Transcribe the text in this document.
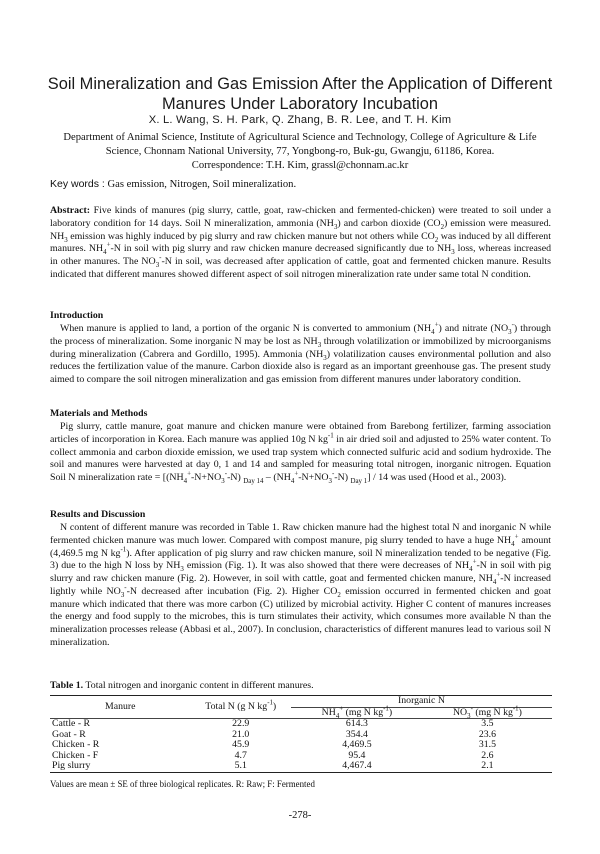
Soil Mineralization and Gas Emission After the Application of Different
Manures Under Laboratory Incubation
X. L. Wang, S. H. Park, Q. Zhang, B. R. Lee, and T. H. Kim
Department of Animal Science, Institute of Agricultural Science and Technology, College of Agriculture & Life Science, Chonnam National University, 77, Yongbong-ro, Buk-gu, Gwangju, 61186, Korea.
Correspondence: T.H. Kim, grassl@chonnam.ac.kr
Key words : Gas emission, Nitrogen, Soil mineralization.
Abstract: Five kinds of manures (pig slurry, cattle, goat, raw-chicken and fermented-chicken) were treated to soil under a laboratory condition for 14 days. Soil N mineralization, ammonia $(NH_3)$ and carbon dioxide $(CO_2)$ emission were measured. $NH_3$ emission was highly induced by pig slurry and raw chicken manure but not others while $CO_2$ was induced by all different manures. $NH_4^+-N$ in soil with pig slurry and raw chicken manure decreased significantly due to $NH_3$ loss, whereas increased in other manures. The $NO_3^--N$ in soil, was decreased after application of cattle, goat and fermented chicken manure. Results indicated that different manures showed different aspect of soil nitrogen mineralization rate under same total N condition.
Introduction
When manure is applied to land, a portion of the organic N is converted to ammonium $(NH_4^+)$ and nitrate $(NO_3^-)$ through the process of mineralization. Some inorganic N may be lost as $NH_3$ through volatilization or immobilized by microorganisms during mineralization (Cabrera and Gordillo, 1995). Ammonia $(NH_3)$ volatilization causes environmental pollution and also reduces the fertilization value of the manure. Carbon dioxide also is regard as an important greenhouse gas. The present study aimed to compare the soil nitrogen mineralization and gas emission from different manures under laboratory condition.
Materials and Methods
Pig slurry, cattle manure, goat manure and chicken manure were obtained from Barebong fertilizer, farming association articles of incorporation in Korea. Each manure was applied 10g N $kg^{-1}$ in air dried soil and adjusted to 25% water content. To collect ammonia and carbon dioxide emission, we used trap system which connected sulfuric acid and sodium hydroxide. The soil and manures were harvested at day 0, 1 and 14 and sampled for measuring total nitrogen, inorganic nitrogen. Equation Soil N mineralization rate = [$(NH_4^+-N+NO_3^--N)$ $_{Day 14} - (NH_4^+-N+NO_3^--N)$ $_{Day 1}$] / 14 was used (Hood et al., 2003).
Results and Discussion
N content of different manure was recorded in Table 1. Raw chicken manure had the highest total N and inorganic N while fermented chicken manure was much lower. Compared with compost manure, pig slurry tended to have a huge $NH_4^+$ amount (4,469.5 mg N $kg^{-1}$). After application of pig slurry and raw chicken manure, soil N mineralization tended to be negative (Fig. 3) due to the high N loss by $NH_3$ emission (Fig. 1). It was also showed that there were decreases of $NH_4^+-N$ in soil with pig slurry and raw chicken manure (Fig. 2). However, in soil with cattle, goat and fermented chicken manure, $NH_4^+-N$ increased lightly while $NO_3^--N$ decreased after incubation (Fig. 2). Higher $CO_2$ emission occurred in fermented chicken and goat manure which indicated that there was more carbon (C) utilized by microbial activity. Higher C content of manures increases the energy and food supply to the microbes, this is turn stimulates their activity, which consumes more available N than the mineralization processes release (Abbasi et al., 2007). In conclusion, characteristics of different manures lead to various soil N mineralization.
Table 1. Total nitrogen and inorganic content in different manures.
Manure	Total N (g N $kg^{-1}$)	Inorganic N	
		$NH_4^+$ (mg N $kg^{-1}$)	$NO_3^-$ (mg N $kg^{-1}$)
Cattle - R	22.9	614.3	3.5
Goat - R	21.0	354.4	23.6
Chicken - R	45.9	4,469.5	31.5
Chicken - F	4.7	95.4	2.6
Pig slurry	5.1	4,467.4	2.1
Values are mean ± SE of three biological replicates. R: Raw; F: Fermented
-278-
